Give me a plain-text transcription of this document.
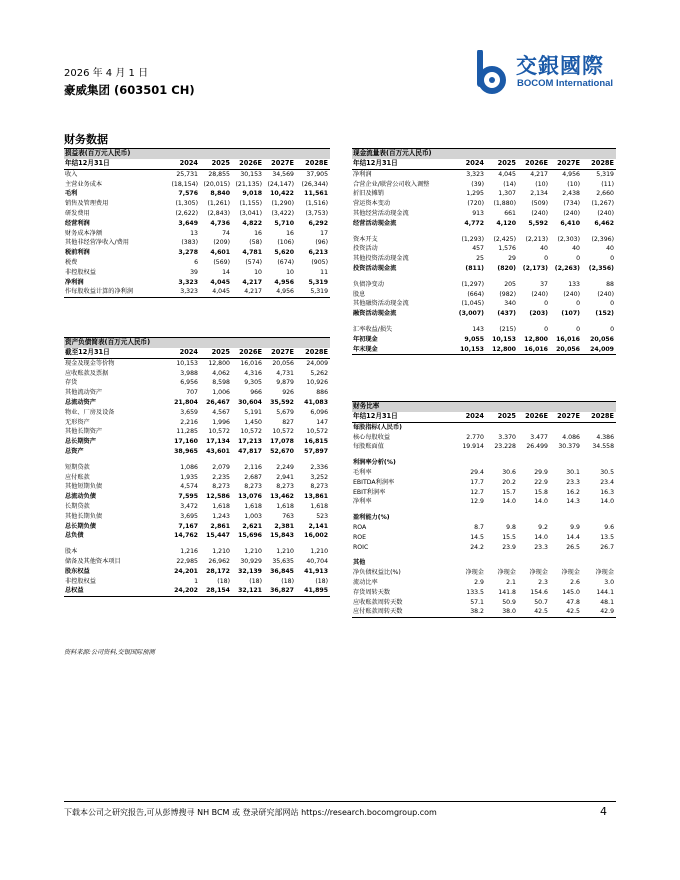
2026 年 4 月 1 日
豪威集团 (603501 CH)
交銀國際
BOCOM International
财务数据
损益表(百万元人民币)					
年结12月31日	2024	2025	2026E	2027E	2028E
收入	25,731	28,855	30,153	34,569	37,905
主营业务成本	(18,154)	(20,015)	(21,135)	(24,147)	(26,344)
毛利	7,576	8,840	9,018	10,422	11,561
销售及管理费用	(1,305)	(1,261)	(1,155)	(1,290)	(1,516)
研发费用	(2,622)	(2,843)	(3,041)	(3,422)	(3,753)
经营利润	3,649	4,736	4,822	5,710	6,292
财务成本净额	13	74	16	16	17
其他非经营净收入/费用	(383)	(209)	(58)	(106)	(96)
税前利润	3,278	4,601	4,781	5,620	6,213
税费	6	(569)	(574)	(674)	(905)
非控股权益	39	14	10	10	11
净利润	3,323	4,045	4,217	4,956	5,319
作每股收益计算的净利润	3,323	4,045	4,217	4,956	5,319
资产负债简表(百万元人民币)					
截至12月31日	2024	2025	2026E	2027E	2028E
现金及现金等价物	10,153	12,800	16,016	20,056	24,009
应收账款及票据	3,988	4,062	4,316	4,731	5,262
存货	6,956	8,598	9,305	9,879	10,926
其他流动资产	707	1,006	966	926	886
总流动资产	21,804	26,467	30,604	35,592	41,083
物业、厂房及设备	3,659	4,567	5,191	5,679	6,096
无形资产	2,216	1,996	1,450	827	147
其他长期资产	11,285	10,572	10,572	10,572	10,572
总长期资产	17,160	17,134	17,213	17,078	16,815
总资产	38,965	43,601	47,817	52,670	57,897

短期贷款	1,086	2,079	2,116	2,249	2,336
应付账款	1,935	2,235	2,687	2,941	3,252
其他短期负债	4,574	8,273	8,273	8,273	8,273
总流动负债	7,595	12,586	13,076	13,462	13,861
长期贷款	3,472	1,618	1,618	1,618	1,618
其他长期负债	3,695	1,243	1,003	763	523
总长期负债	7,167	2,861	2,621	2,381	2,141
总负债	14,762	15,447	15,696	15,843	16,002

股本	1,216	1,210	1,210	1,210	1,210
储备及其他资本项目	22,985	26,962	30,929	35,635	40,704
股东权益	24,201	28,172	32,139	36,845	41,913
非控股权益	1	(18)	(18)	(18)	(18)
总权益	24,202	28,154	32,121	36,827	41,895
现金流量表(百万元人民币)					
年结12月31日	2024	2025	2026E	2027E	2028E
净利润	3,323	4,045	4,217	4,956	5,319
合营企业/联营公司收入调整	(39)	(14)	(10)	(10)	(11)
折旧及摊销	1,295	1,307	2,134	2,438	2,660
营运资本变动	(720)	(1,880)	(509)	(734)	(1,267)
其他经营活动现金流	913	661	(240)	(240)	(240)
经营活动现金流	4,772	4,120	5,592	6,410	6,462

资本开支	(1,293)	(2,425)	(2,213)	(2,303)	(2,396)
投资活动	457	1,576	40	40	40
其他投资活动现金流	25	29	0	0	0
投资活动现金流	(811)	(820)	(2,173)	(2,263)	(2,356)

负债净变动	(1,297)	205	37	133	88
股息	(664)	(982)	(240)	(240)	(240)
其他融资活动现金流	(1,045)	340	0	0	0
融资活动现金流	(3,007)	(437)	(203)	(107)	(152)

汇率收益/损失	143	(215)	0	0	0
年初现金	9,055	10,153	12,800	16,016	20,056
年末现金	10,153	12,800	16,016	20,056	24,009
财务比率					
年结12月31日	2024	2025	2026E	2027E	2028E
每股指标(人民币)					
核心每股收益	2.770	3.370	3.477	4.086	4.386
每股账面值	19.914	23.228	26.499	30.379	34.558

利润率分析(%)					
毛利率	29.4	30.6	29.9	30.1	30.5
EBITDA利润率	17.7	20.2	22.9	23.3	23.4
EBIT利润率	12.7	15.7	15.8	16.2	16.3
净利率	12.9	14.0	14.0	14.3	14.0

盈利能力(%)					
ROA	8.7	9.8	9.2	9.9	9.6
ROE	14.5	15.5	14.0	14.4	13.5
ROIC	24.2	23.9	23.3	26.5	26.7

其他					
净负债权益比(%)	净现金	净现金	净现金	净现金	净现金
流动比率	2.9	2.1	2.3	2.6	3.0
存货周转天数	133.5	141.8	154.6	145.0	144.1
应收账款周转天数	57.1	50.9	50.7	47.8	48.1
应付账款周转天数	38.2	38.0	42.5	42.5	42.9
资料来源:公司资料,交银国际预测
下载本公司之研究报告,可从彭博搜寻 NH BCM 或 登录研究部网站 https://research.bocomgroup.com	4
